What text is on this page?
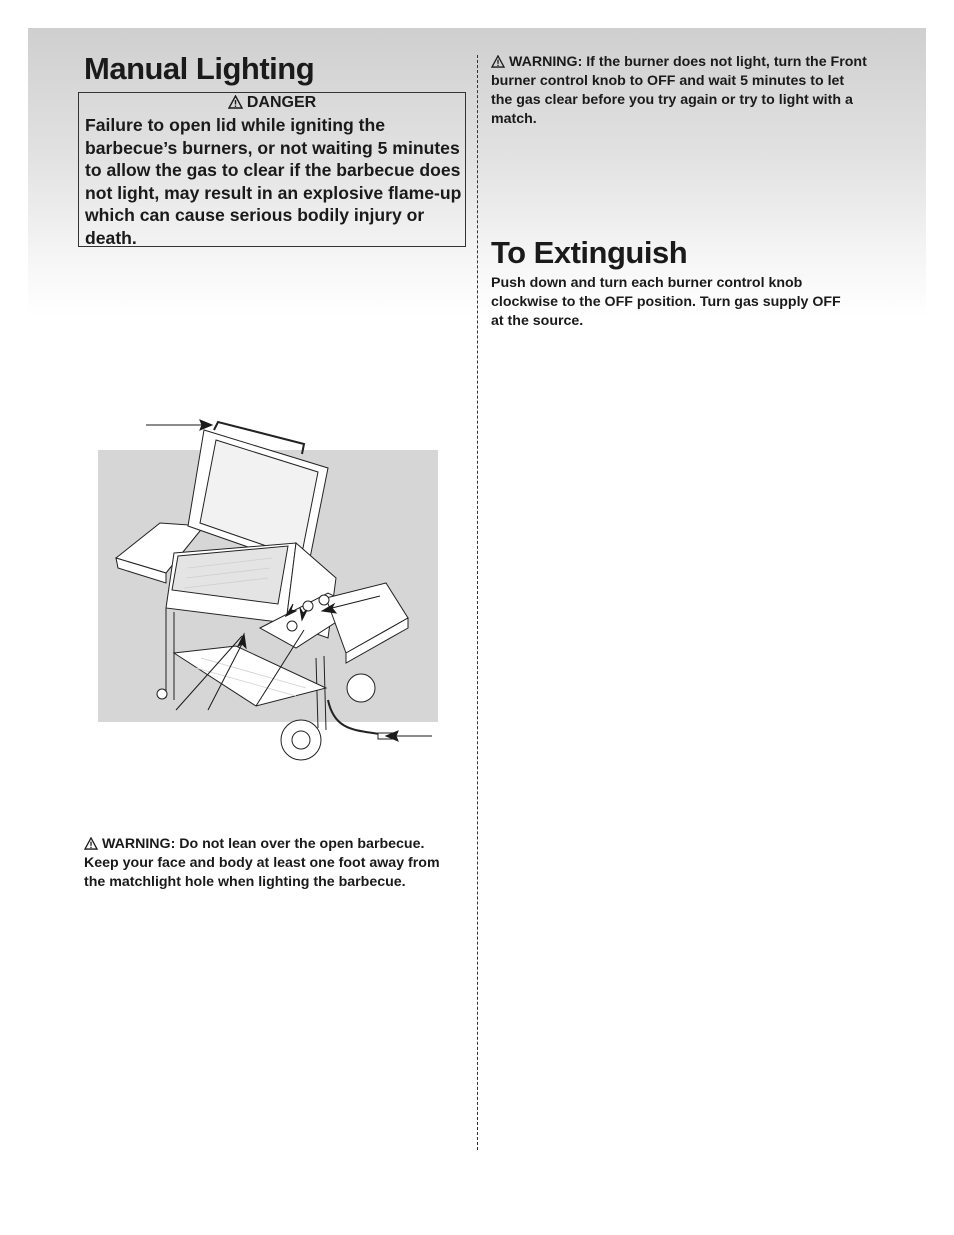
Manual Lighting
DANGER
Failure to open lid while igniting the barbecue’s burners, or not waiting 5 minutes to allow the gas to clear if the barbecue does not light, may result in an explosive flame-up which can cause serious bodily injury or death.
WARNING: Do not lean over the open barbecue. Keep your face and body at least one foot away from the matchlight hole when lighting the barbecue.
WARNING: If the burner does not light, turn the Front burner control knob to OFF and wait 5 minutes to let the gas clear before you try again or try to light with a match.
To Extinguish
Push down and turn each burner control knob clockwise to the OFF position. Turn gas supply OFF at the source.
